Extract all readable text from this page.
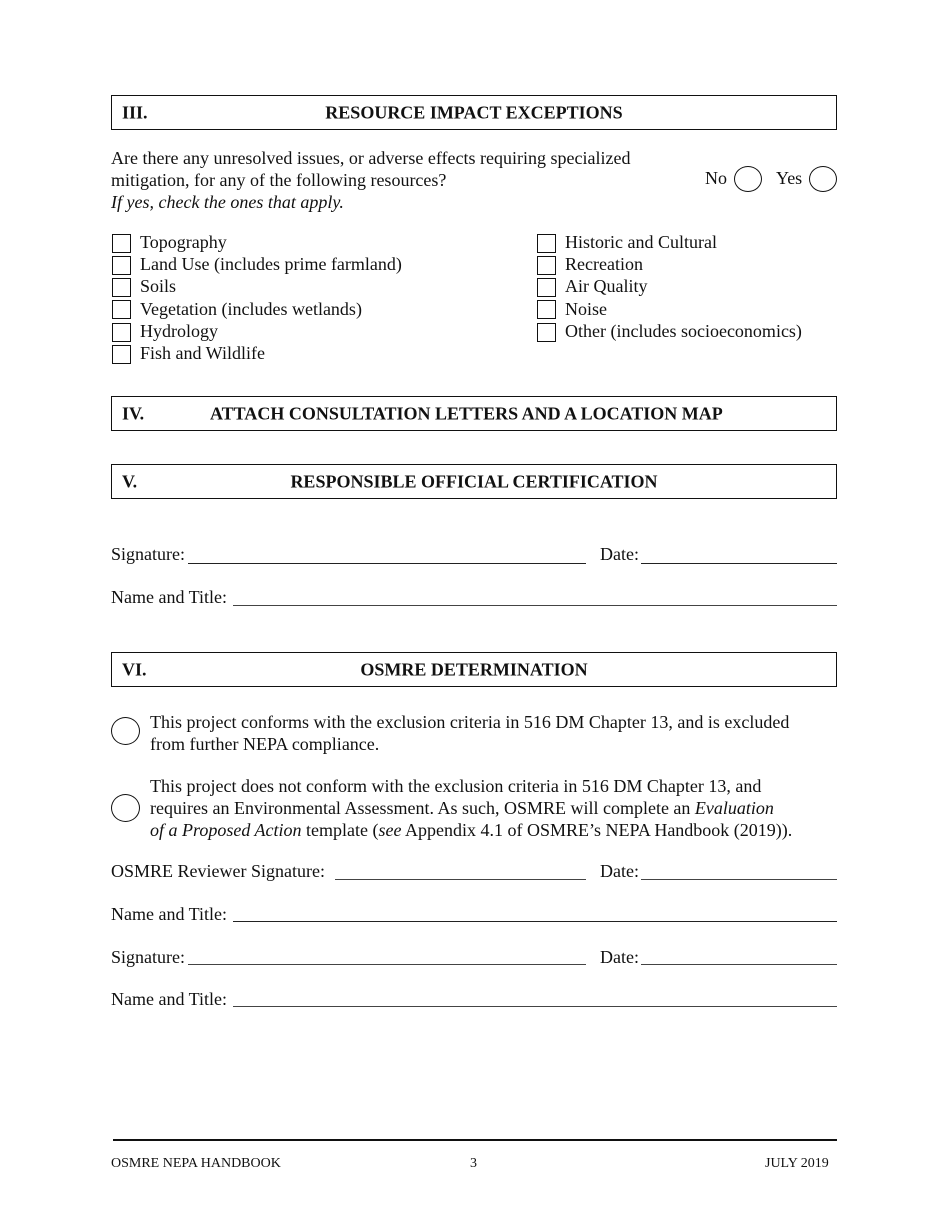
III.	RESOURCE IMPACT EXCEPTIONS
Are there any unresolved issues, or adverse effects requiring specialized
mitigation, for any of the following resources?
If yes, check the ones that apply.
No	Yes
Topography
Land Use (includes prime farmland)
Soils
Vegetation (includes wetlands)
Hydrology
Fish and Wildlife
Historic and Cultural
Recreation
Air Quality
Noise
Other (includes socioeconomics)
IV.	ATTACH CONSULTATION LETTERS AND A LOCATION MAP
V.	RESPONSIBLE OFFICIAL CERTIFICATION
Signature:	Date:
Name and Title:
VI.	OSMRE DETERMINATION
This project conforms with the exclusion criteria in 516 DM Chapter 13, and is excluded
from further NEPA compliance.
This project does not conform with the exclusion criteria in 516 DM Chapter 13, and
requires an Environmental Assessment. As such, OSMRE will complete an Evaluation
of a Proposed Action template (see Appendix 4.1 of OSMRE’s NEPA Handbook (2019)).
OSMRE Reviewer Signature:	Date:
Name and Title:
Signature:	Date:
Name and Title:
OSMRE NEPA HANDBOOK	3	JULY 2019
